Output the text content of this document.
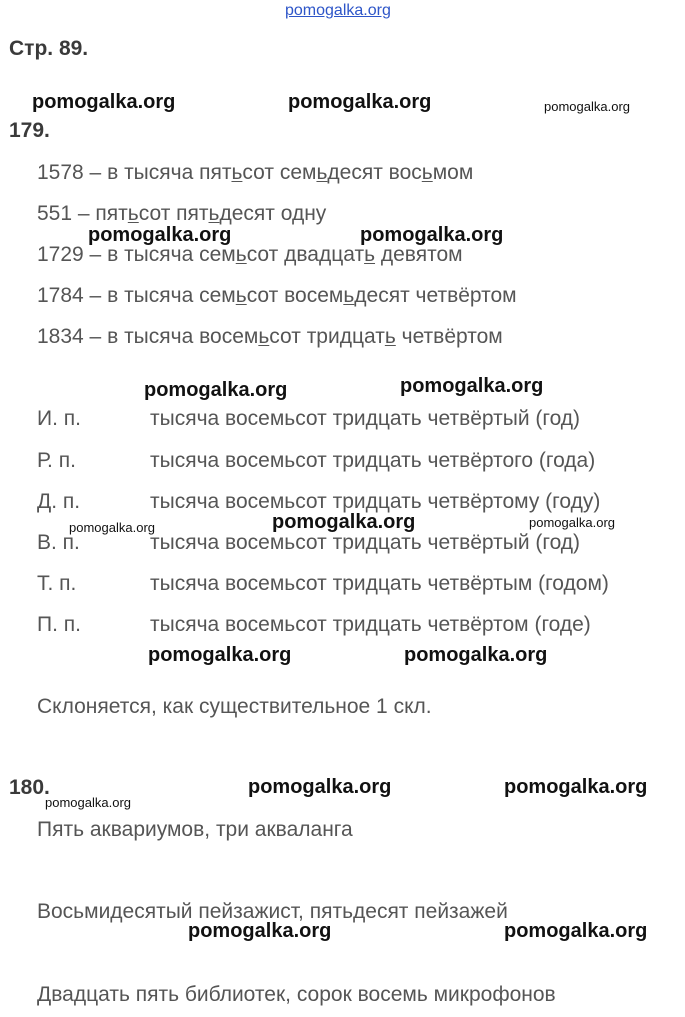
pomogalka.org
Стр. 89.
pomogalka.org	pomogalka.org	pomogalka.org
179.
1578 – в тысяча пятьсот семьдесят восьмом
551 – пятьсот пятьдесят одну
1729 – в тысяча семьсот двадцать девятом
1784 – в тысяча семьсот восемьдесят четвёртом
1834 – в тысяча восемьсот тридцать четвёртом
pomogalka.org	pomogalka.org
pomogalka.org	pomogalka.org
И. п.	тысяча восемьсот тридцать четвёртый (год)
Р. п.	тысяча восемьсот тридцать четвёртого (года)
Д. п.	тысяча восемьсот тридцать четвёртому (году)
В. п.	тысяча восемьсот тридцать четвёртый (год)
Т. п.	тысяча восемьсот тридцать четвёртым (годом)
П. п.	тысяча восемьсот тридцать четвёртом (годе)
pomogalka.org	pomogalka.org	pomogalka.org
pomogalka.org	pomogalka.org
Склоняется, как существительное 1 скл.
180.
pomogalka.org
pomogalka.org	pomogalka.org
Пять аквариумов, три акваланга
Восьмидесятый пейзажист, пятьдесят пейзажей
pomogalka.org	pomogalka.org
Двадцать пять библиотек, сорок восемь микрофонов
